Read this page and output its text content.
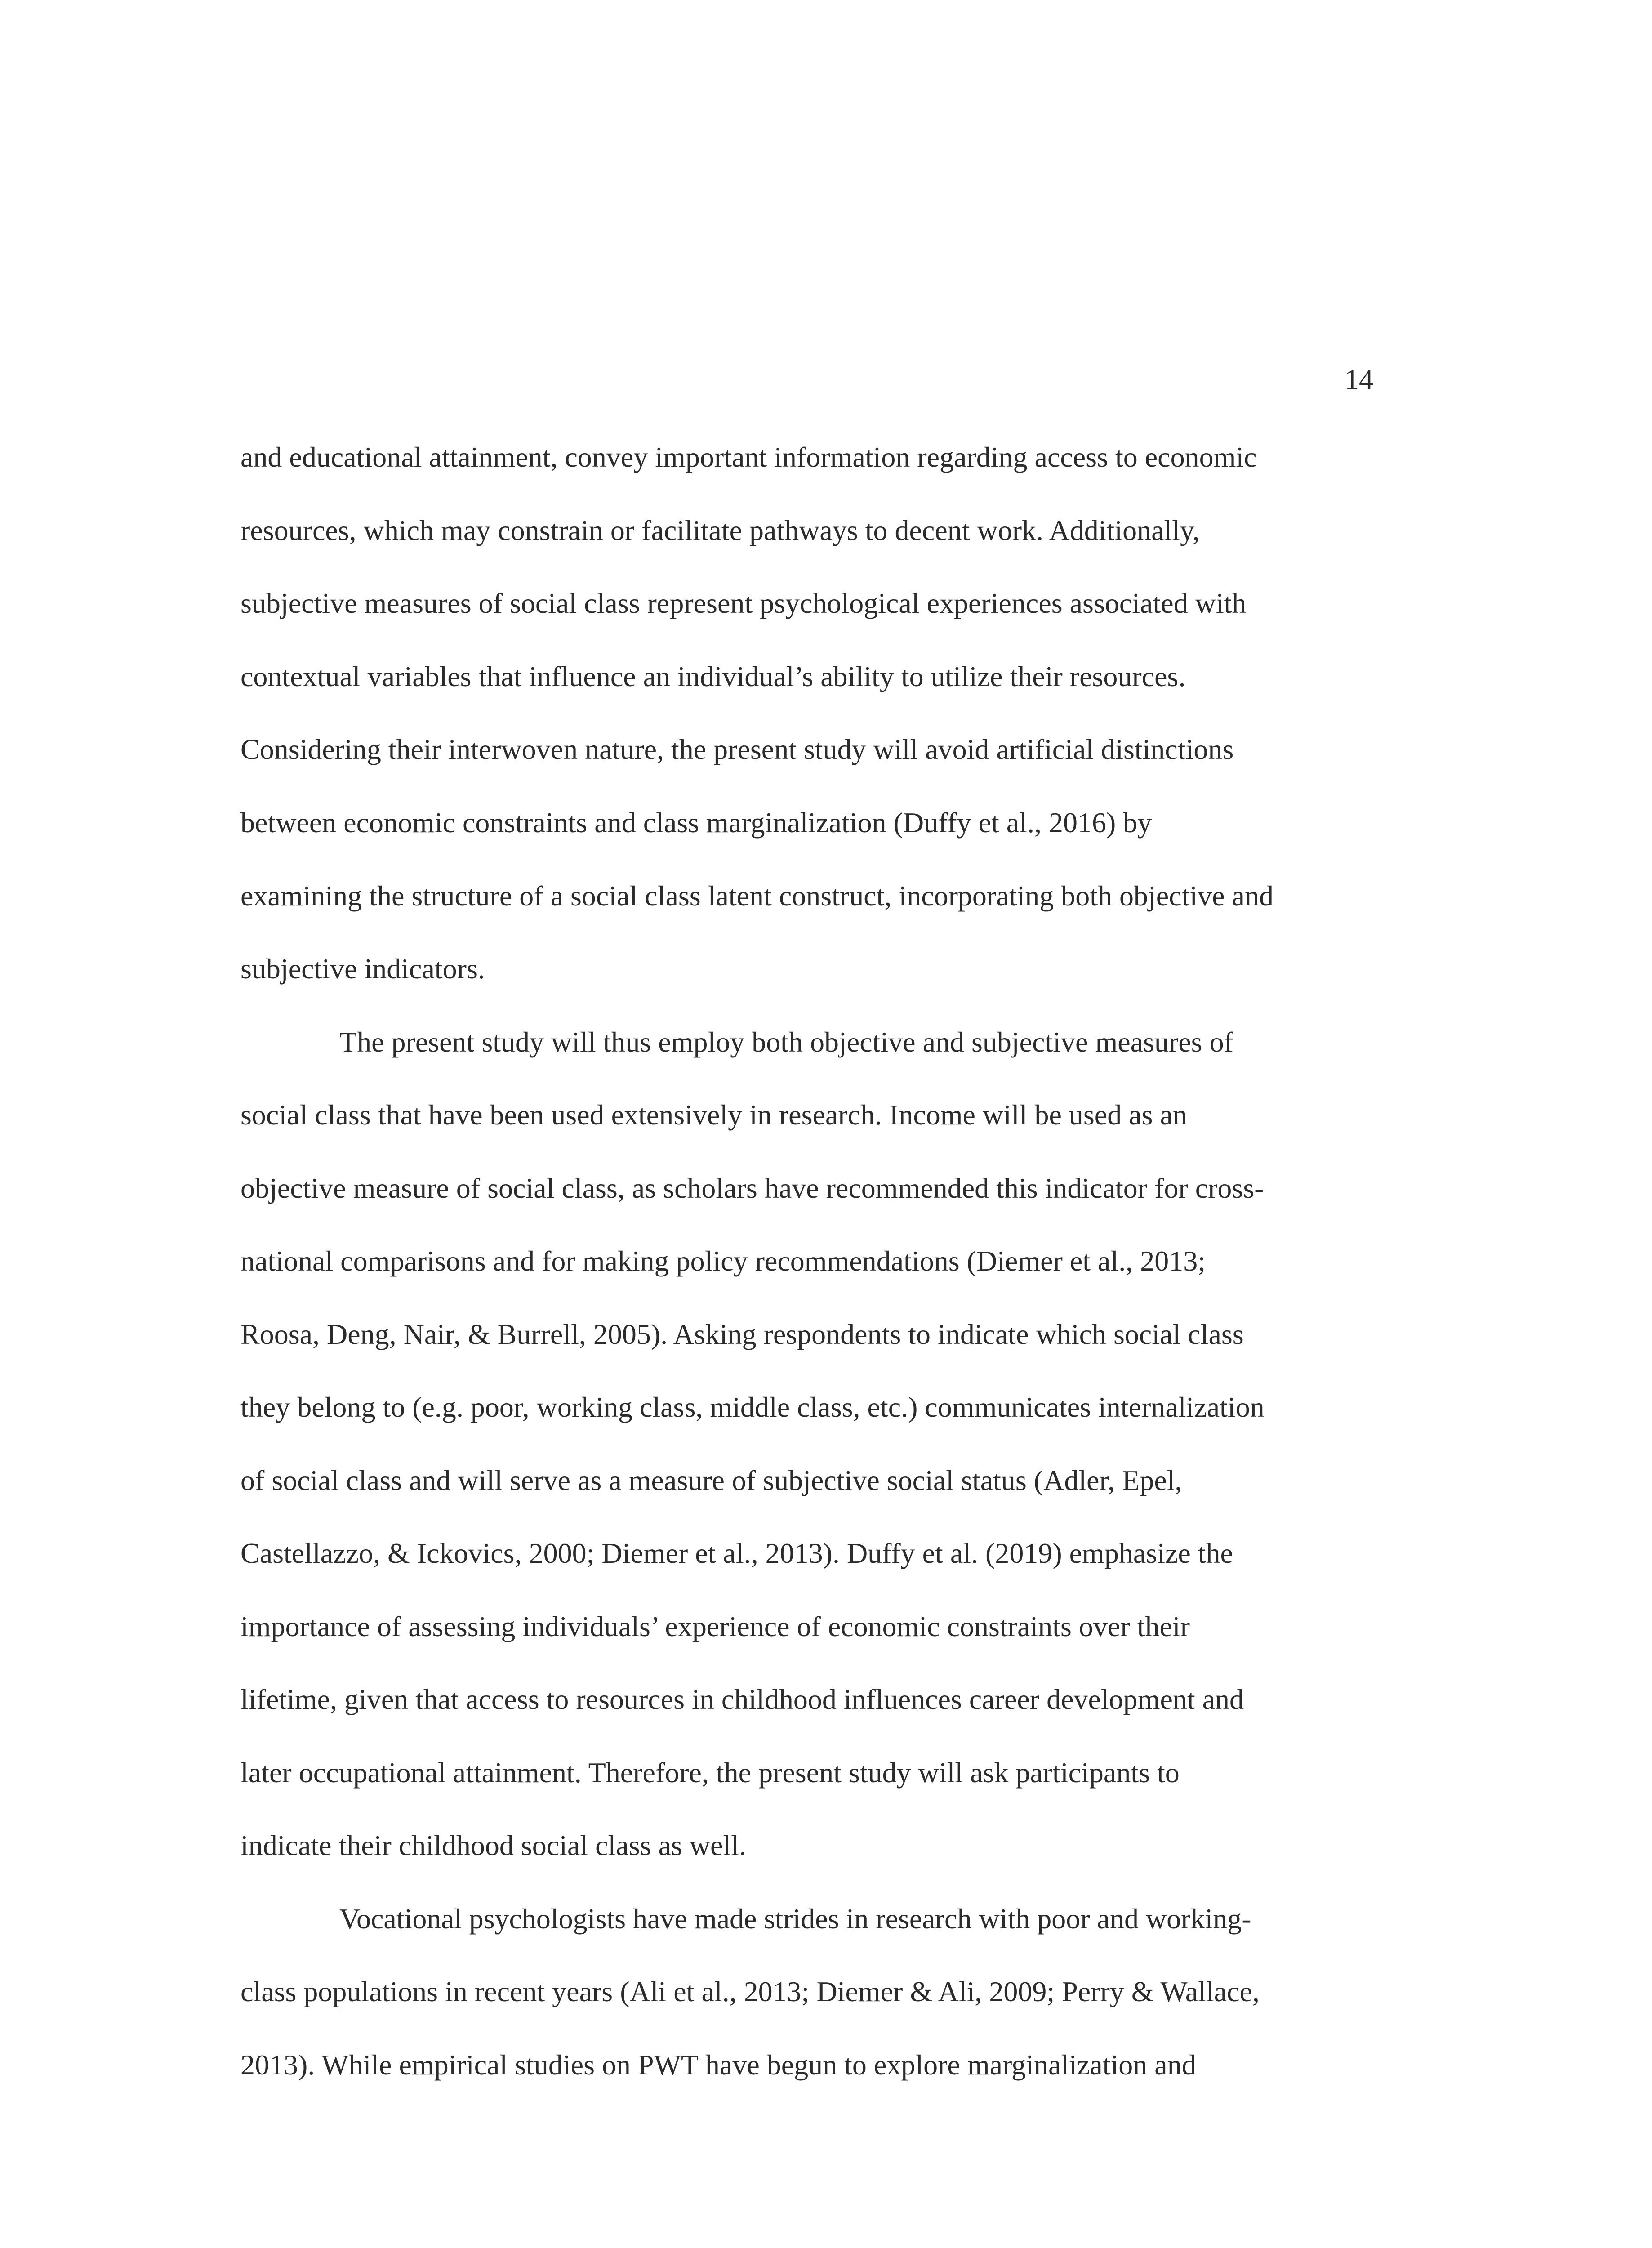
14
and educational attainment, convey important information regarding access to economic
resources, which may constrain or facilitate pathways to decent work. Additionally,
subjective measures of social class represent psychological experiences associated with
contextual variables that influence an individual’s ability to utilize their resources.
Considering their interwoven nature, the present study will avoid artificial distinctions
between economic constraints and class marginalization (Duffy et al., 2016) by
examining the structure of a social class latent construct, incorporating both objective and
subjective indicators.
The present study will thus employ both objective and subjective measures of
social class that have been used extensively in research. Income will be used as an
objective measure of social class, as scholars have recommended this indicator for cross-
national comparisons and for making policy recommendations (Diemer et al., 2013;
Roosa, Deng, Nair, & Burrell, 2005). Asking respondents to indicate which social class
they belong to (e.g. poor, working class, middle class, etc.) communicates internalization
of social class and will serve as a measure of subjective social status (Adler, Epel,
Castellazzo, & Ickovics, 2000; Diemer et al., 2013). Duffy et al. (2019) emphasize the
importance of assessing individuals’ experience of economic constraints over their
lifetime, given that access to resources in childhood influences career development and
later occupational attainment. Therefore, the present study will ask participants to
indicate their childhood social class as well.
Vocational psychologists have made strides in research with poor and working-
class populations in recent years (Ali et al., 2013; Diemer & Ali, 2009; Perry & Wallace,
2013). While empirical studies on PWT have begun to explore marginalization and
